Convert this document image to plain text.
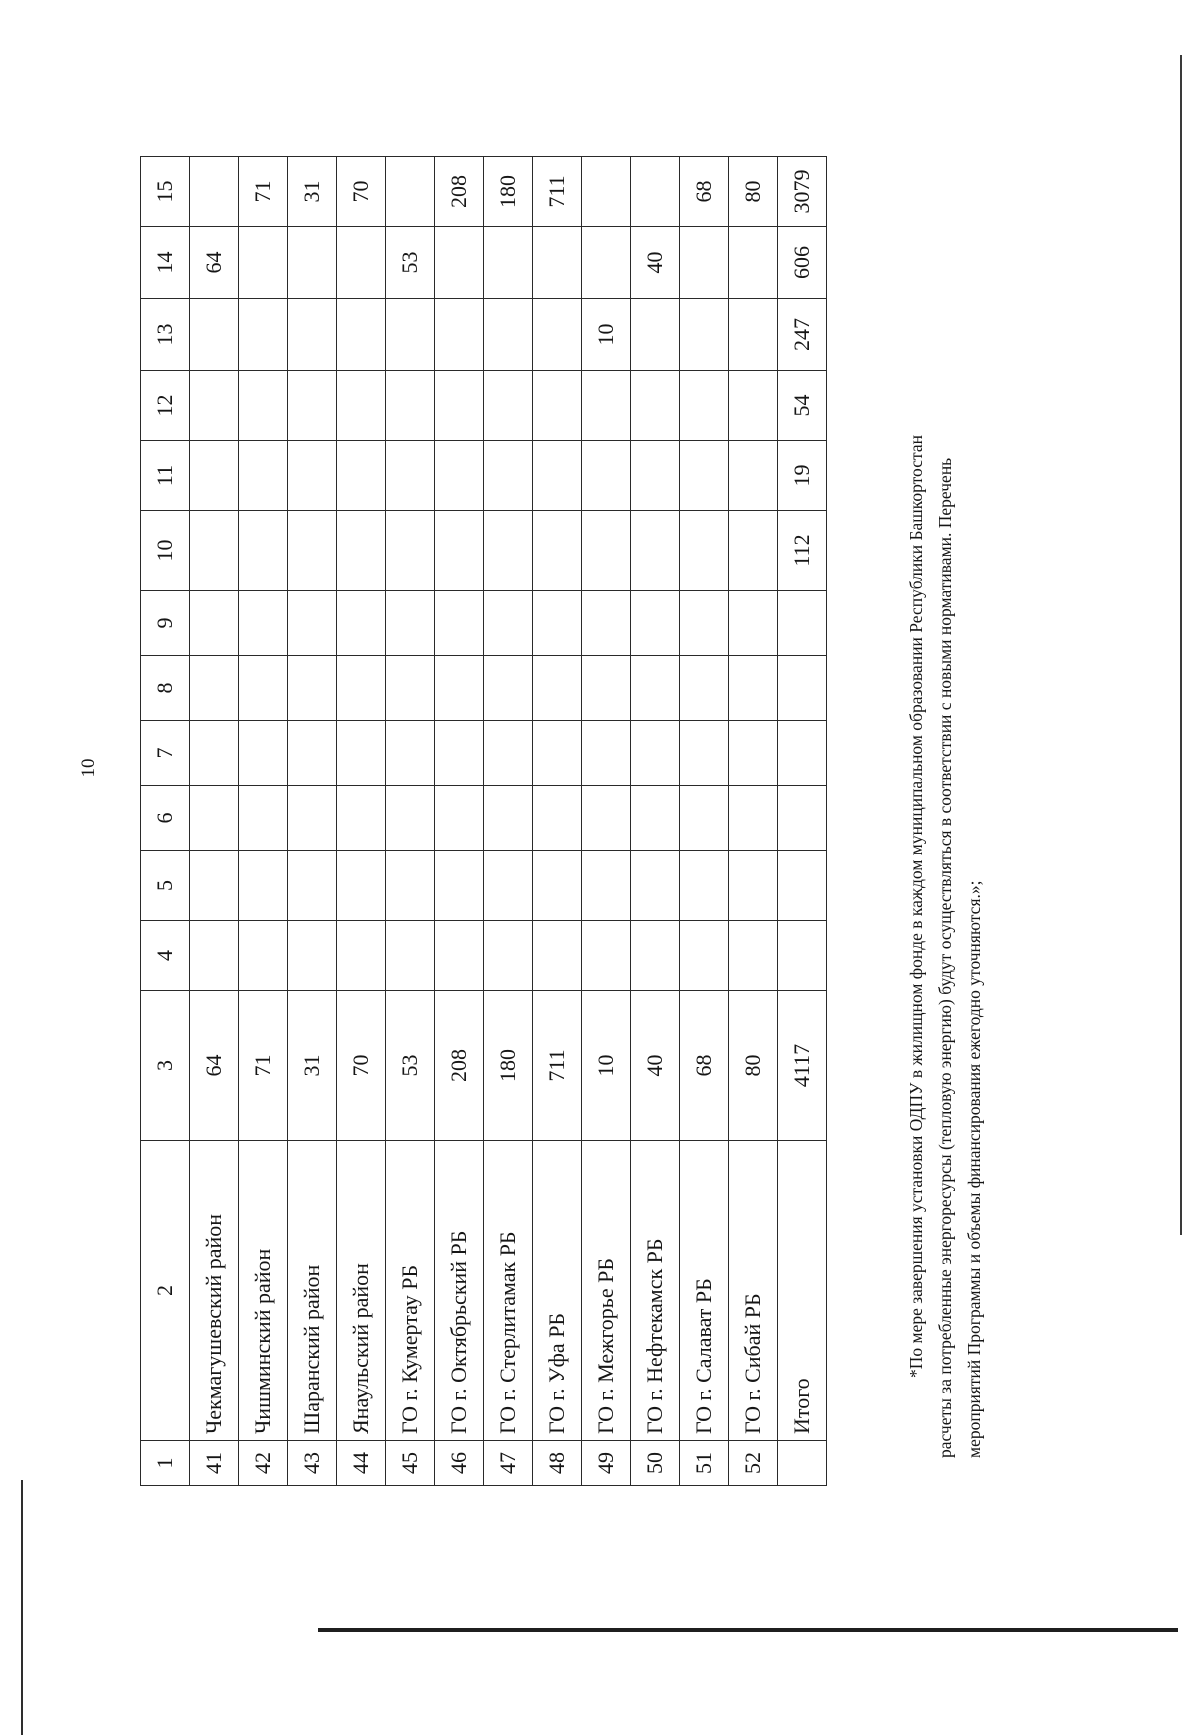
10
1	2	3	4	5	6	7	8	9	10	11	12	13	14	15
41	Чекмагушевский район	64											64	
42	Чишминский район	71												71
43	Шаранский район	31												31
44	Янаульский район	70												70
45	ГО г. Кумертау РБ	53											53	
46	ГО г. Октябрьский РБ	208												208
47	ГО г. Стерлитамак РБ	180												180
48	ГО г. Уфа РБ	711												711
49	ГО г. Межгорье РБ	10										10		
50	ГО г. Нефтекамск РБ	40											40	
51	ГО г. Салават РБ	68												68
52	ГО г. Сибай РБ	80												80
	Итого	4117							112	19	54	247	606	3079

*По мере завершения установки ОДПУ в жилищном фонде в каждом муниципальном образовании Республики Башкортостан расчеты за потребленные энергоресурсы (тепловую энергию) будут осуществляться в соответствии с новыми нормативами. Перечень мероприятий Программы и объемы финансирования ежегодно уточняются.»;
